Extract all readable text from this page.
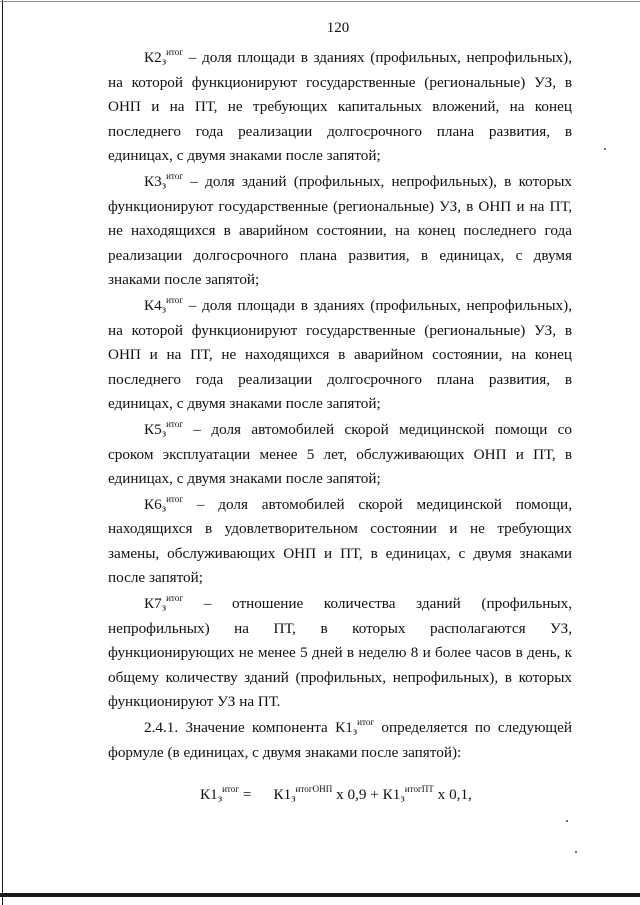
120

$К2_з^{итог}$ – доля площади в зданиях (профильных, непрофильных), на которой функционируют государственные (региональные) УЗ, в ОНП и на ПТ, не требующих капитальных вложений, на конец последнего года реализации долгосрочного плана развития, в единицах, с двумя знаками после запятой;

$К3_з^{итог}$ – доля зданий (профильных, непрофильных), в которых функционируют государственные (региональные) УЗ, в ОНП и на ПТ, не находящихся в аварийном состоянии, на конец последнего года реализации долгосрочного плана развития, в единицах, с двумя знаками после запятой;

$К4_з^{итог}$ – доля площади в зданиях (профильных, непрофильных), на которой функционируют государственные (региональные) УЗ, в ОНП и на ПТ, не находящихся в аварийном состоянии, на конец последнего года реализации долгосрочного плана развития, в единицах, с двумя знаками после запятой;

$К5_з^{итог}$ – доля автомобилей скорой медицинской помощи со сроком эксплуатации менее 5 лет, обслуживающих ОНП и ПТ, в единицах, с двумя знаками после запятой;

$К6_з^{итог}$ – доля автомобилей скорой медицинской помощи, находящихся в удовлетворительном состоянии и не требующих замены, обслуживающих ОНП и ПТ, в единицах, с двумя знаками после запятой;

$К7_з^{итог}$ – отношение количества зданий (профильных, непрофильных) на ПТ, в которых располагаются УЗ, функционирующих не менее 5 дней в неделю 8 и более часов в день, к общему количеству зданий (профильных, непрофильных), в которых функционируют УЗ на ПТ.

2.4.1. Значение компонента $К1_з^{итог}$ определяется по следующей формуле (в единицах, с двумя знаками после запятой):

$К1_з^{итог} = К1_з^{итогОНП}$ х $0,9 + К1_з^{итогПТ}$ х 0,1,
